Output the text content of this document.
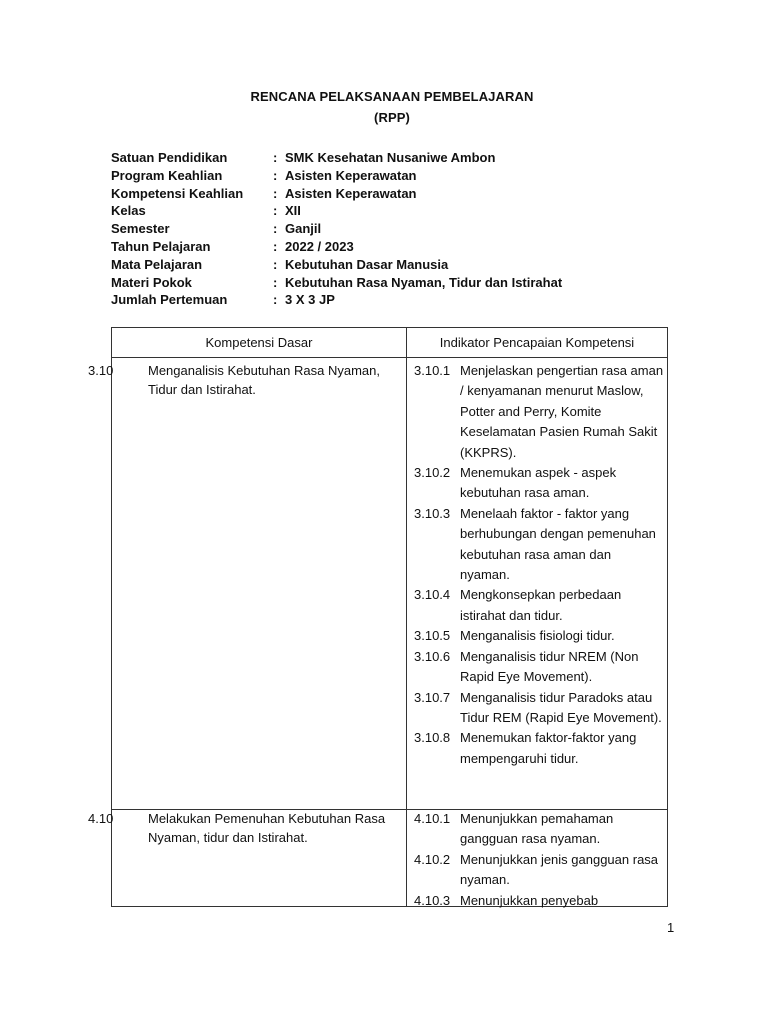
RENCANA PELAKSANAAN PEMBELAJARAN
(RPP)
Satuan Pendidikan	: SMK Kesehatan Nusaniwe Ambon
Program Keahlian	: Asisten Keperawatan
Kompetensi Keahlian	: Asisten Keperawatan
Kelas	: XII
Semester	: Ganjil
Tahun Pelajaran	: 2022 / 2023
Mata Pelajaran	: Kebutuhan Dasar Manusia
Materi Pokok	: Kebutuhan Rasa Nyaman, Tidur dan Istirahat
Jumlah Pertemuan	: 3 X 3 JP
Kompetensi Dasar	Indikator Pencapaian Kompetensi
3.10	Menganalisis Kebutuhan Rasa Nyaman, Tidur dan Istirahat.
3.10.1 Menjelaskan pengertian rasa aman / kenyamanan menurut Maslow, Potter and Perry, Komite Keselamatan Pasien Rumah Sakit (KKPRS).
3.10.2 Menemukan aspek - aspek kebutuhan rasa aman.
3.10.3 Menelaah faktor - faktor yang berhubungan dengan pemenuhan kebutuhan rasa aman dan nyaman.
3.10.4 Mengkonsepkan perbedaan istirahat dan tidur.
3.10.5 Menganalisis fisiologi tidur.
3.10.6 Menganalisis tidur NREM (Non Rapid Eye Movement).
3.10.7 Menganalisis tidur Paradoks atau Tidur REM (Rapid Eye Movement).
3.10.8 Menemukan faktor-faktor yang mempengaruhi tidur.
4.10	Melakukan Pemenuhan Kebutuhan Rasa Nyaman, tidur dan Istirahat.
4.10.1 Menunjukkan pemahaman gangguan rasa nyaman.
4.10.2 Menunjukkan jenis gangguan rasa nyaman.
4.10.3 Menunjukkan penyebab
1
